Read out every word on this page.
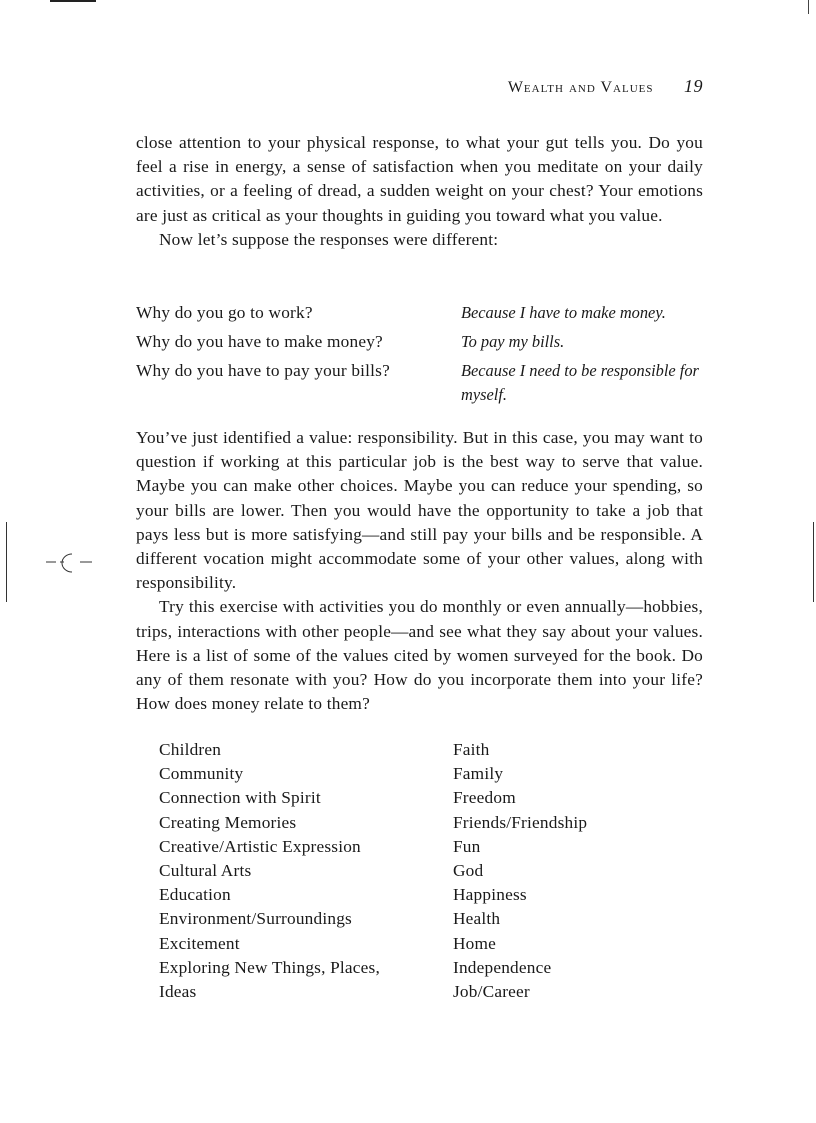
Wealth and Values 19

close attention to your physical response, to what your gut tells you. Do you feel a rise in energy, a sense of satisfaction when you meditate on your daily activities, or a feeling of dread, a sudden weight on your chest? Your emotions are just as critical as your thoughts in guiding you toward what you value.

Now let’s suppose the responses were different:

Why do you go to work?	Because I have to make money.
Why do you have to make money?	To pay my bills.
Why do you have to pay your bills?	Because I need to be responsible for myself.

You’ve just identified a value: responsibility. But in this case, you may want to question if working at this particular job is the best way to serve that value. Maybe you can make other choices. Maybe you can reduce your spending, so your bills are lower. Then you would have the opportunity to take a job that pays less but is more satisfying—and still pay your bills and be responsible. A different vocation might accommodate some of your other values, along with responsibility.

Try this exercise with activities you do monthly or even annually—hobbies, trips, interactions with other people—and see what they say about your values. Here is a list of some of the values cited by women surveyed for the book. Do any of them resonate with you? How do you incorporate them into your life? How does money relate to them?

Children
Community
Connection with Spirit
Creating Memories
Creative/Artistic Expression
Cultural Arts
Education
Environment/Surroundings
Excitement
Exploring New Things, Places,
Ideas
Faith
Family
Freedom
Friends/Friendship
Fun
God
Happiness
Health
Home
Independence
Job/Career
